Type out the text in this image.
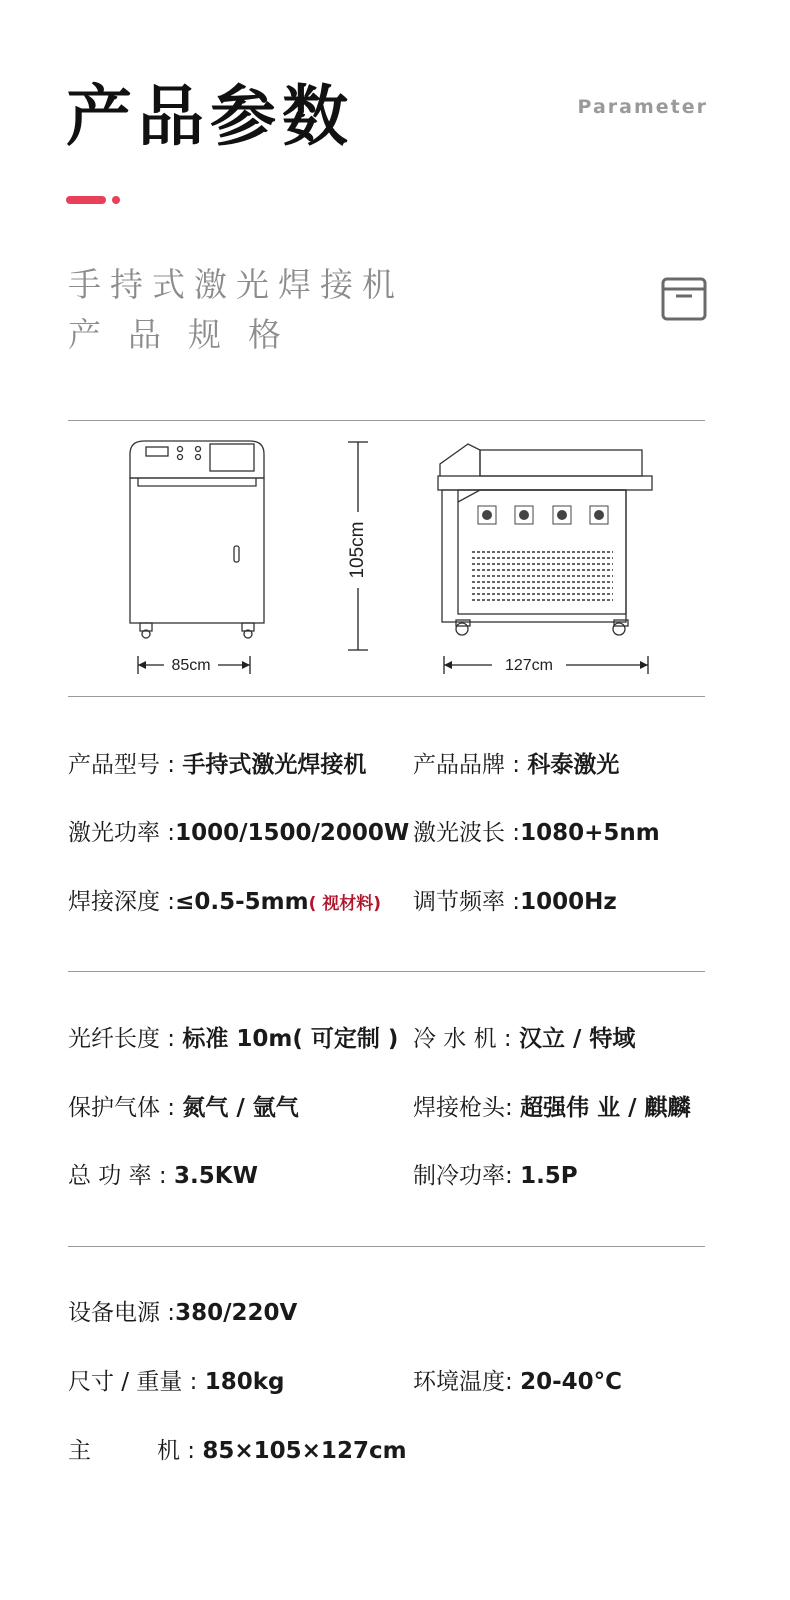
产品参数	Parameter
手持式激光焊接机
产品规格
105cm
85cm	127cm
产品型号 : 手持式激光焊接机 产品品牌 : 科泰激光
激光功率 :1000/1500/2000W 激光波长 :1080+5nm
焊接深度 :≤0.5-5mm( 视材料) 调节频率 :1000Hz
光纤长度 : 标准 10m( 可定制 ) 冷 水 机 : 汉立 / 特域
保护气体 : 氮气 / 氩气	焊接枪头: 超强伟 业 / 麒麟
总 功 率 : 3.5KW	制冷功率: 1.5P
设备电源 :380/220V
尺寸 / 重量 : 180kg	环境温度: 20-40°C
主	机 : 85×105×127cm
